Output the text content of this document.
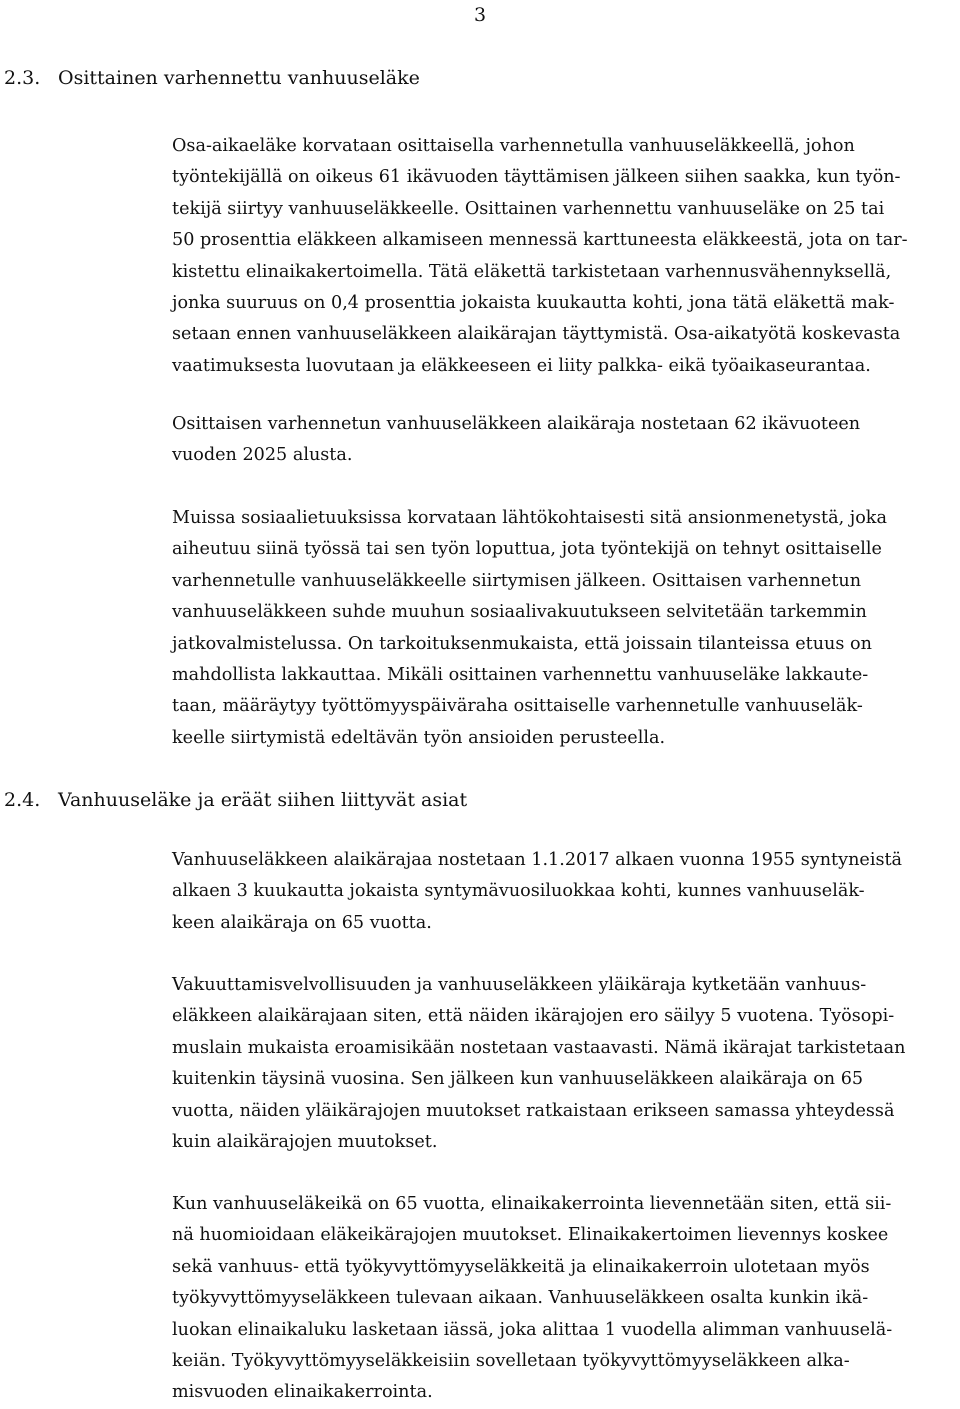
3
2.3. Osittainen varhennettu vanhuuseläke
Osa-aikaeläke korvataan osittaisella varhennetulla vanhuuseläkkeellä, johon
työntekijällä on oikeus 61 ikävuoden täyttämisen jälkeen siihen saakka, kun työn-
tekijä siirtyy vanhuuseläkkeelle. Osittainen varhennettu vanhuuseläke on 25 tai
50 prosenttia eläkkeen alkamiseen mennessä karttuneesta eläkkeestä, jota on tar-
kistettu elinaikakertoimella. Tätä eläkettä tarkistetaan varhennusvähennyksellä,
jonka suuruus on 0,4 prosenttia jokaista kuukautta kohti, jona tätä eläkettä mak-
setaan ennen vanhuuseläkkeen alaikärajan täyttymistä. Osa-aikatyötä koskevasta
vaatimuksesta luovutaan ja eläkkeeseen ei liity palkka- eikä työaikaseurantaa.
Osittaisen varhennetun vanhuuseläkkeen alaikäraja nostetaan 62 ikävuoteen
vuoden 2025 alusta.
Muissa sosiaalietuuksissa korvataan lähtökohtaisesti sitä ansionmenetystä, joka
aiheutuu siinä työssä tai sen työn loputtua, jota työntekijä on tehnyt osittaiselle
varhennetulle vanhuuseläkkeelle siirtymisen jälkeen. Osittaisen varhennetun
vanhuuseläkkeen suhde muuhun sosiaalivakuutukseen selvitetään tarkemmin
jatkovalmistelussa. On tarkoituksenmukaista, että joissain tilanteissa etuus on
mahdollista lakkauttaa. Mikäli osittainen varhennettu vanhuuseläke lakkaute-
taan, määräytyy työttömyyspäiväraha osittaiselle varhennetulle vanhuuseläk-
keelle siirtymistä edeltävän työn ansioiden perusteella.
2.4. Vanhuuseläke ja eräät siihen liittyvät asiat
Vanhuuseläkkeen alaikärajaa nostetaan 1.1.2017 alkaen vuonna 1955 syntyneistä
alkaen 3 kuukautta jokaista syntymävuosiluokkaa kohti, kunnes vanhuuseläk-
keen alaikäraja on 65 vuotta.
Vakuuttamisvelvollisuuden ja vanhuuseläkkeen yläikäraja kytketään vanhuus-
eläkkeen alaikärajaan siten, että näiden ikärajojen ero säilyy 5 vuotena. Työsopi-
muslain mukaista eroamisikään nostetaan vastaavasti. Nämä ikärajat tarkistetaan
kuitenkin täysinä vuosina. Sen jälkeen kun vanhuuseläkkeen alaikäraja on 65
vuotta, näiden yläikärajojen muutokset ratkaistaan erikseen samassa yhteydessä
kuin alaikärajojen muutokset.
Kun vanhuuseläkeikä on 65 vuotta, elinaikakerrointa lievennetään siten, että sii-
nä huomioidaan eläkeikärajojen muutokset. Elinaikakertoimen lievennys koskee
sekä vanhuus- että työkyvyttömyyseläkkeitä ja elinaikakerroin ulotetaan myös
työkyvyttömyyseläkkeen tulevaan aikaan. Vanhuuseläkkeen osalta kunkin ikä-
luokan elinaikaluku lasketaan iässä, joka alittaa 1 vuodella alimman vanhuuselä-
keiän. Työkyvyttömyyseläkkeisiin sovelletaan työkyvyttömyyseläkkeen alka-
misvuoden elinaikakerrointa.
